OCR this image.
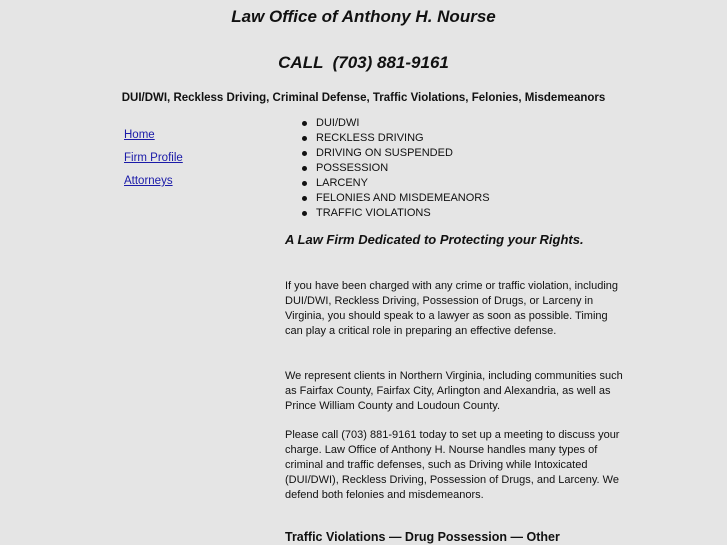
Law Office of Anthony H. Nourse
CALL  (703) 881-9161

DUI/DWI, Reckless Driving, Criminal Defense, Traffic Violations, Felonies, Misdemeanors

Home
Firm Profile
Attorneys
DUI/DWI
RECKLESS DRIVING
DRIVING ON SUSPENDED
POSSESSION
LARCENY
FELONIES AND MISDEMEANORS
TRAFFIC VIOLATIONS

A Law Firm Dedicated to Protecting your Rights.

If you have been charged with any crime or traffic violation, including DUI/DWI, Reckless Driving, Possession of Drugs, or Larceny in Virginia, you should speak to a lawyer as soon as possible. Timing can play a critical role in preparing an effective defense.

We represent clients in Northern Virginia, including communities such as Fairfax County, Fairfax City, Arlington and Alexandria, as well as Prince William County and Loudoun County.

Please call (703) 881-9161 today to set up a meeting to discuss your charge. Law Office of Anthony H. Nourse handles many types of criminal and traffic defenses, such as Driving while Intoxicated (DUI/DWI), Reckless Driving, Possession of Drugs, and Larceny. We defend both felonies and misdemeanors.

Traffic Violations — Drug Possession — Other
